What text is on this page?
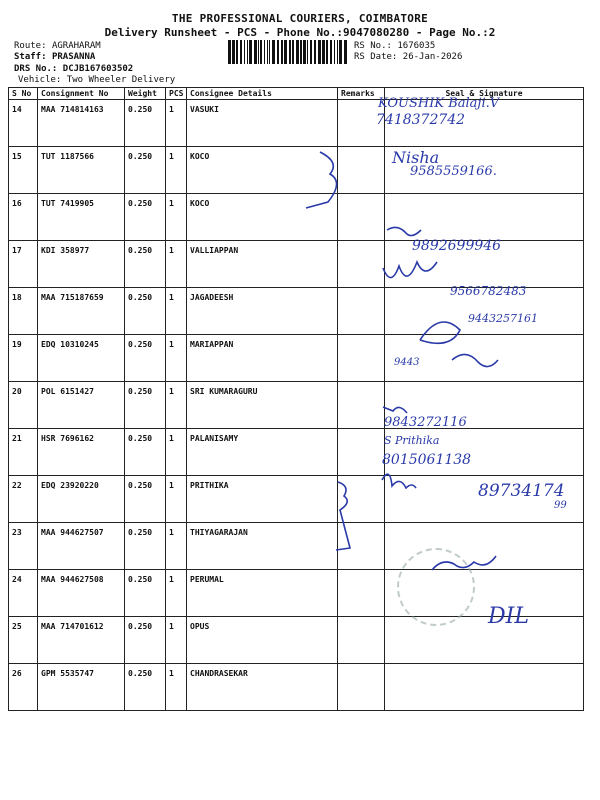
THE PROFESSIONAL COURIERS, COIMBATORE
Delivery Runsheet - PCS - Phone No.:9047080280 - Page No.:2
Route: AGRAHARAM
Staff: PRASANNA
DRS No.: DCJB167603502
Vehicle: Two Wheeler Delivery
RS No.: 1676035
RS Date: 26-Jan-2026
S No	Consignment No	Weight	PCS	Consignee Details	Remarks	Seal & Signature
14	MAA 714814163	0.250	1	VASUKI		
15	TUT 1187566	0.250	1	KOCO		
16	TUT 7419905	0.250	1	KOCO		
17	KDI 358977	0.250	1	VALLIAPPAN		
18	MAA 715187659	0.250	1	JAGADEESH		
19	EDQ 10310245	0.250	1	MARIAPPAN		
20	POL 6151427	0.250	1	SRI KUMARAGURU		
21	HSR 7696162	0.250	1	PALANISAMY		
22	EDQ 23920220	0.250	1	PRITHIKA		
23	MAA 944627507	0.250	1	THIYAGARAJAN		
24	MAA 944627508	0.250	1	PERUMAL		
25	MAA 714701612	0.250	1	OPUS		
26	GPM 5535747	0.250	1	CHANDRASEKAR		
KOUSHIK Balaji.V
7418372742
Nisha
9585559166.
9892699946
9566782483
9443257161
9443
9843272116
S Prithika
8015061138
89734174
99
DIL
